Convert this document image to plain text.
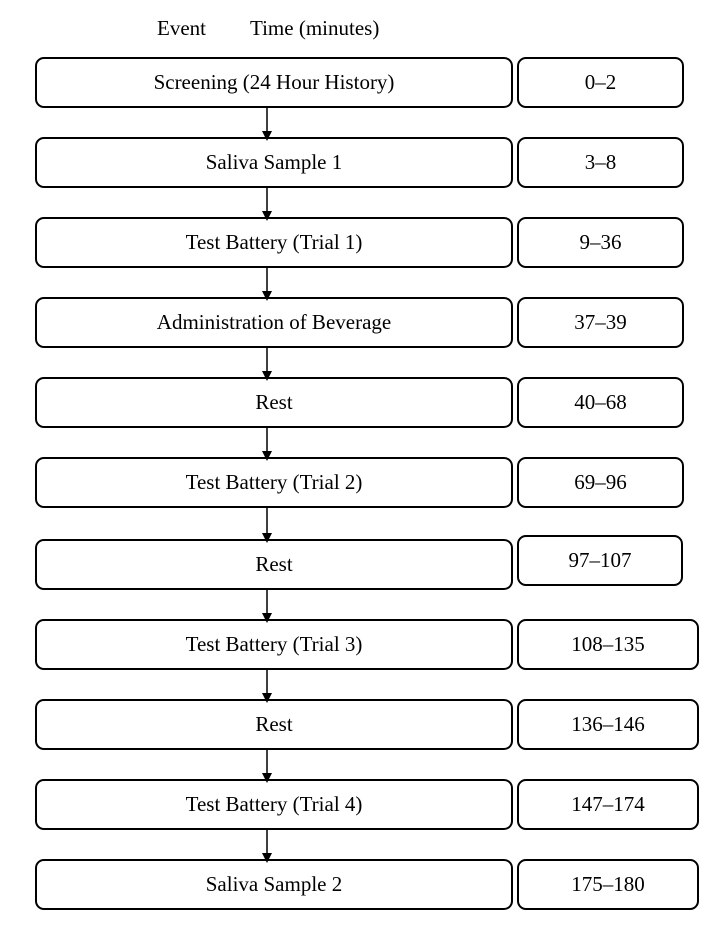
Event Time (minutes)
Screening (24 Hour History)	0–2
Saliva Sample 1	3–8
Test Battery (Trial 1)	9–36
Administration of Beverage	37–39
Rest	40–68
Test Battery (Trial 2)	69–96
Rest	97–107
Test Battery (Trial 3)	108–135
Rest	136–146
Test Battery (Trial 4)	147–174
Saliva Sample 2	175–180
